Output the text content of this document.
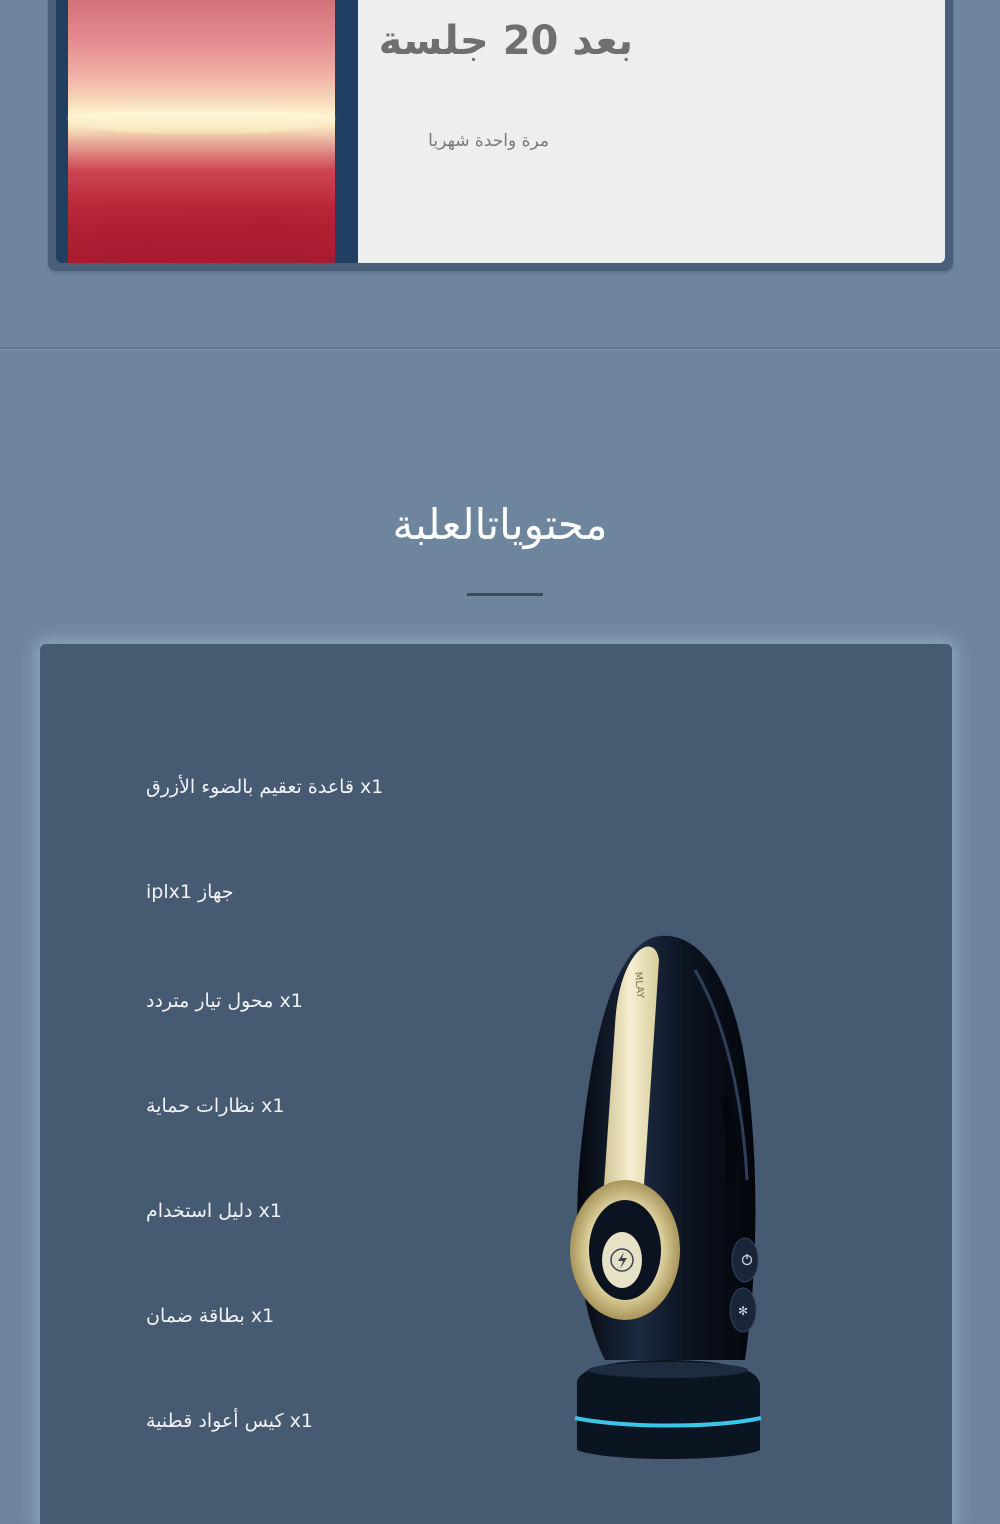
بعد 20 جلسة
مرة واحدة شهريا
محتوياتالعلبة
x1 قاعدة تعقيم بالضوء الأزرق
جهاز iplx1
x1 محول تيار متردد
x1 نظارات حماية
x1 دليل استخدام
x1 بطاقة ضمان
x1 كيس أعواد قطنية
MLAY
✻
